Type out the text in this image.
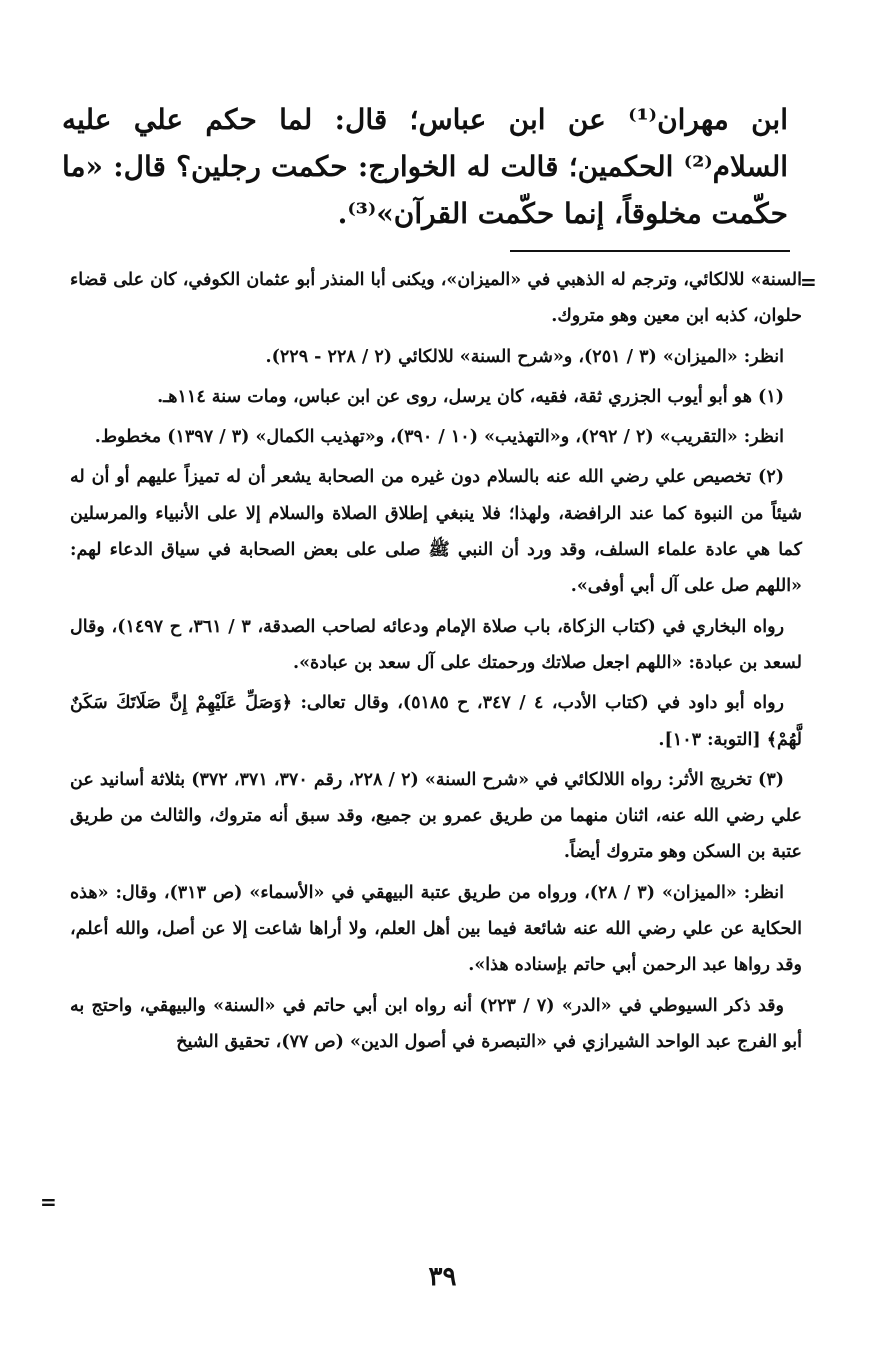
ابن مهران⁽¹⁾ عن ابن عباس؛ قال: لما حكم علي عليه السلام⁽²⁾ الحكمين؛ قالت له الخوارج: حكمت رجلين؟ قال: «ما حكّمت مخلوقاً، إنما حكّمت القرآن»⁽³⁾.

=

السنة» للالكائي، وترجم له الذهبي في «الميزان»، ويكنى أبا المنذر أبو عثمان الكوفي، كان على قضاء حلوان، كذبه ابن معين وهو متروك.

انظر: «الميزان» (٣ / ٢٥١)، و«شرح السنة» للالكائي (٢ / ٢٢٨ - ٢٢٩).

(١) هو أبو أيوب الجزري ثقة، فقيه، كان يرسل، روى عن ابن عباس، ومات سنة ١١٤هـ.

انظر: «التقريب» (٢ / ٢٩٢)، و«التهذيب» (١٠ / ٣٩٠)، و«تهذيب الكمال» (٣ / ١٣٩٧) مخطوط.

(٢) تخصيص علي رضي الله عنه بالسلام دون غيره من الصحابة يشعر أن له تميزاً عليهم أو أن له شيئاً من النبوة كما عند الرافضة، ولهذا؛ فلا ينبغي إطلاق الصلاة والسلام إلا على الأنبياء والمرسلين كما هي عادة علماء السلف، وقد ورد أن النبي ﷺ صلى على بعض الصحابة في سياق الدعاء لهم: «اللهم صل على آل أبي أوفى».

رواه البخاري في (كتاب الزكاة، باب صلاة الإمام ودعائه لصاحب الصدقة، ٣ / ٣٦١، ح ١٤٩٧)، وقال لسعد بن عبادة: «اللهم اجعل صلاتك ورحمتك على آل سعد بن عبادة».

رواه أبو داود في (كتاب الأدب، ٤ / ٣٤٧، ح ٥١٨٥)، وقال تعالى: ﴿وَصَلِّ عَلَيْهِمْ إِنَّ صَلَاتَكَ سَكَنٌ لَّهُمْ﴾ [التوبة: ١٠٣].

(٣) تخريج الأثر: رواه اللالكائي في «شرح السنة» (٢ / ٢٢٨، رقم ٣٧٠، ٣٧١، ٣٧٢) بثلاثة أسانيد عن علي رضي الله عنه، اثنان منهما من طريق عمرو بن جميع، وقد سبق أنه متروك، والثالث من طريق عتبة بن السكن وهو متروك أيضاً.

انظر: «الميزان» (٣ / ٢٨)، ورواه من طريق عتبة البيهقي في «الأسماء» (ص ٣١٣)، وقال: «هذه الحكاية عن علي رضي الله عنه شائعة فيما بين أهل العلم، ولا أراها شاعت إلا عن أصل، والله أعلم، وقد رواها عبد الرحمن أبي حاتم بإسناده هذا».

وقد ذكر السيوطي في «الدر» (٧ / ٢٢٣) أنه رواه ابن أبي حاتم في «السنة» والبيهقي، واحتج به أبو الفرج عبد الواحد الشيرازي في «التبصرة في أصول الدين» (ص ٧٧)، تحقيق الشيخ

=
٣٩
